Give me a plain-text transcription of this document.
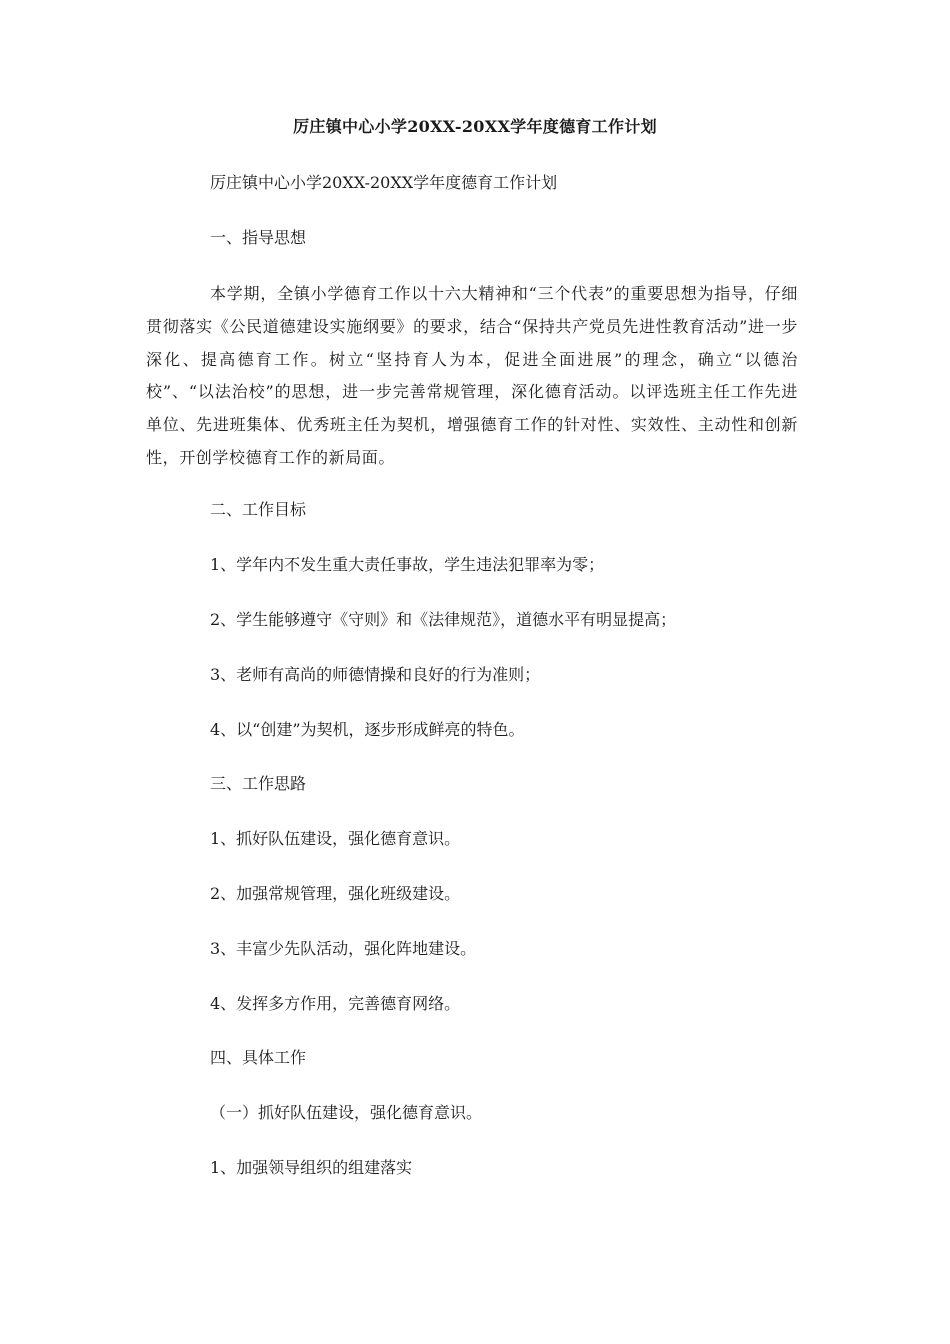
厉庄镇中心小学20XX-20XX学年度德育工作计划
厉庄镇中心小学20XX-20XX学年度德育工作计划
一、指导思想
本学期，全镇小学德育工作以十六大精神和“三个代表”的重要思想为指导，仔细贯彻落实《公民道德建设实施纲要》的要求，结合“保持共产党员先进性教育活动”进一步深化、提高德育工作。树立“坚持育人为本，促进全面进展”的理念，确立“以德治校”、“以法治校”的思想，进一步完善常规管理，深化德育活动。以评选班主任工作先进单位、先进班集体、优秀班主任为契机，增强德育工作的针对性、实效性、主动性和创新性，开创学校德育工作的新局面。
二、工作目标
1、学年内不发生重大责任事故，学生违法犯罪率为零；
2、学生能够遵守《守则》和《法律规范》，道德水平有明显提高；
3、老师有高尚的师德情操和良好的行为准则；
4、以“创建”为契机，逐步形成鲜亮的特色。
三、工作思路
1、抓好队伍建设，强化德育意识。
2、加强常规管理，强化班级建设。
3、丰富少先队活动，强化阵地建设。
4、发挥多方作用，完善德育网络。
四、具体工作
（一）抓好队伍建设，强化德育意识。
1、加强领导组织的组建落实
